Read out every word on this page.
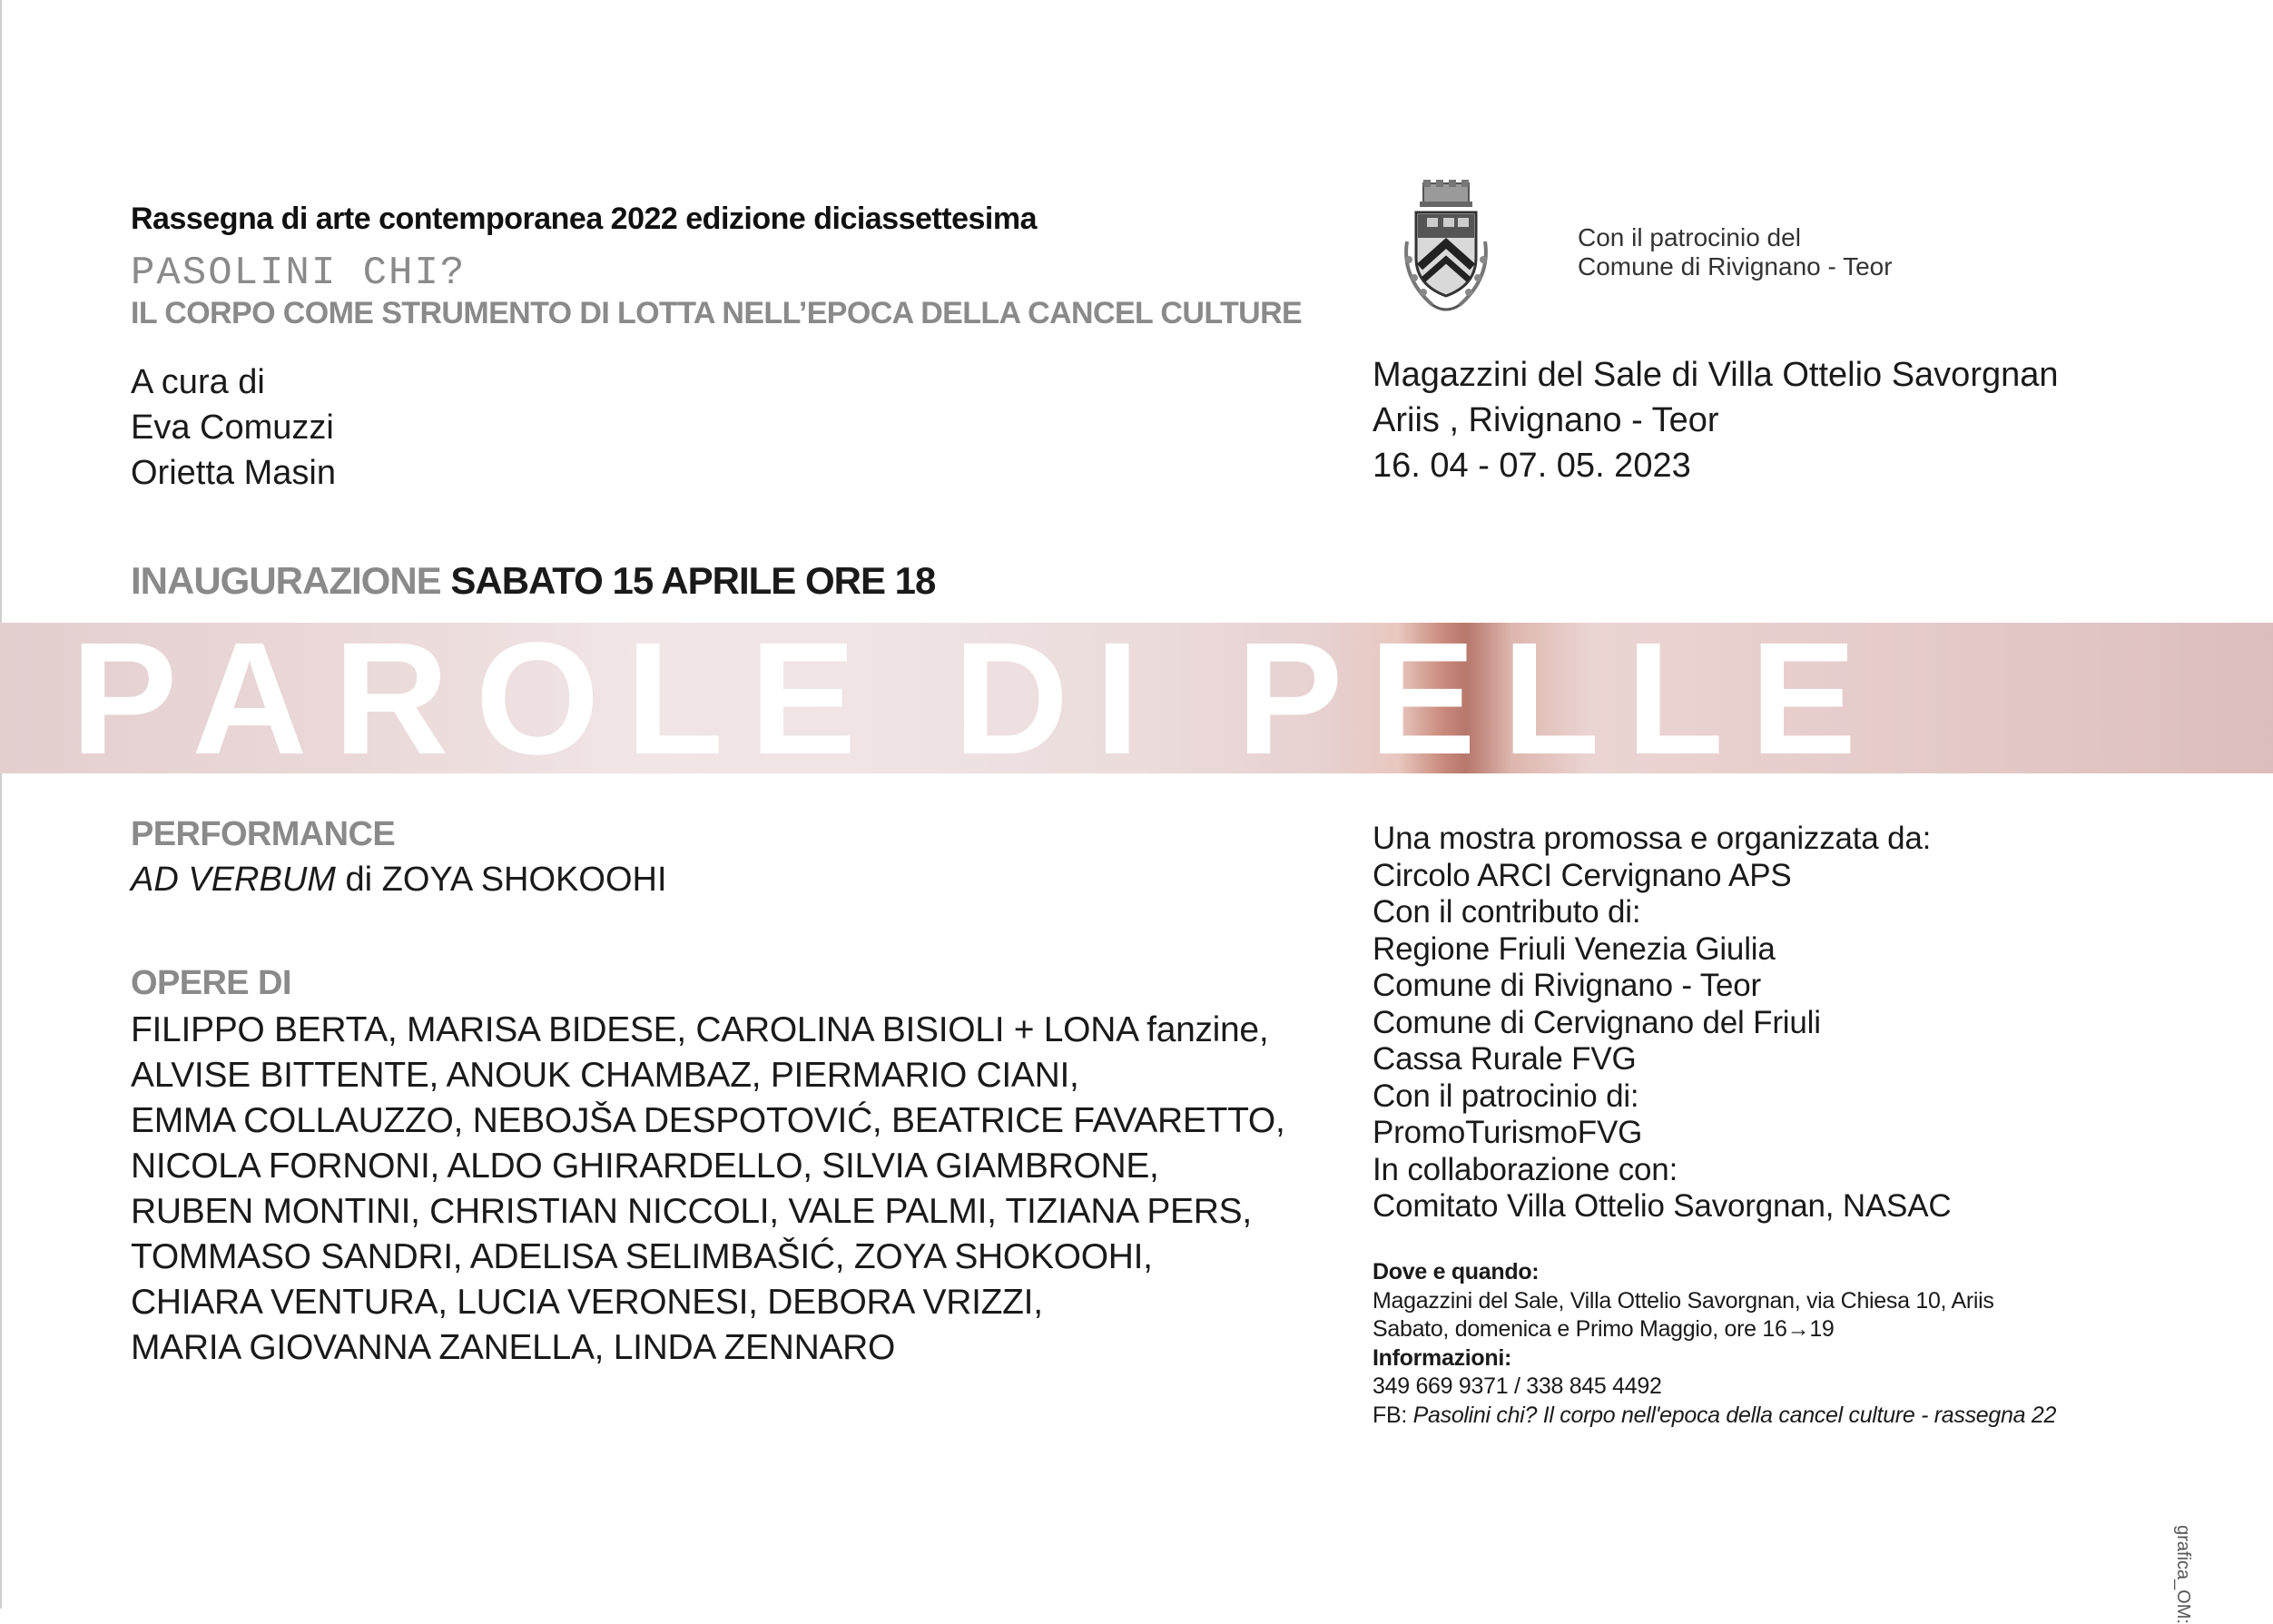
Rassegna di arte contemporanea 2022 edizione diciassettesima
PASOLINI CHI?
IL CORPO COME STRUMENTO DI LOTTA NELL’EPOCA DELLA CANCEL CULTURE
A cura di
Eva Comuzzi
Orietta Masin
Con il patrocinio del
Comune di Rivignano - Teor
Magazzini del Sale di Villa Ottelio Savorgnan
Ariis , Rivignano - Teor
16. 04 - 07. 05. 2023
INAUGURAZIONE SABATO 15 APRILE ORE 18
PAROLE DI PELLE
PERFORMANCE
AD VERBUM di ZOYA SHOKOOHI
OPERE DI
FILIPPO BERTA, MARISA BIDESE, CAROLINA BISIOLI + LONA fanzine,
ALVISE BITTENTE, ANOUK CHAMBAZ, PIERMARIO CIANI,
EMMA COLLAUZZO, NEBOJŠA DESPOTOVIĆ, BEATRICE FAVARETTO,
NICOLA FORNONI, ALDO GHIRARDELLO, SILVIA GIAMBRONE,
RUBEN MONTINI, CHRISTIAN NICCOLI, VALE PALMI, TIZIANA PERS,
TOMMASO SANDRI, ADELISA SELIMBAŠIĆ, ZOYA SHOKOOHI,
CHIARA VENTURA, LUCIA VERONESI, DEBORA VRIZZI,
MARIA GIOVANNA ZANELLA, LINDA ZENNARO
Una mostra promossa e organizzata da:
Circolo ARCI Cervignano APS
Con il contributo di:
Regione Friuli Venezia Giulia
Comune di Rivignano - Teor
Comune di Cervignano del Friuli
Cassa Rurale FVG
Con il patrocinio di:
PromoTurismoFVG
In collaborazione con:
Comitato Villa Ottelio Savorgnan, NASAC
Dove e quando:
Magazzini del Sale, Villa Ottelio Savorgnan, via Chiesa 10, Ariis
Sabato, domenica e Primo Maggio, ore 16→19
Informazioni:
349 669 9371 / 338 845 4492
FB: Pasolini chi? Il corpo nell'epoca della cancel culture - rassegna 22
grafica_OM:
